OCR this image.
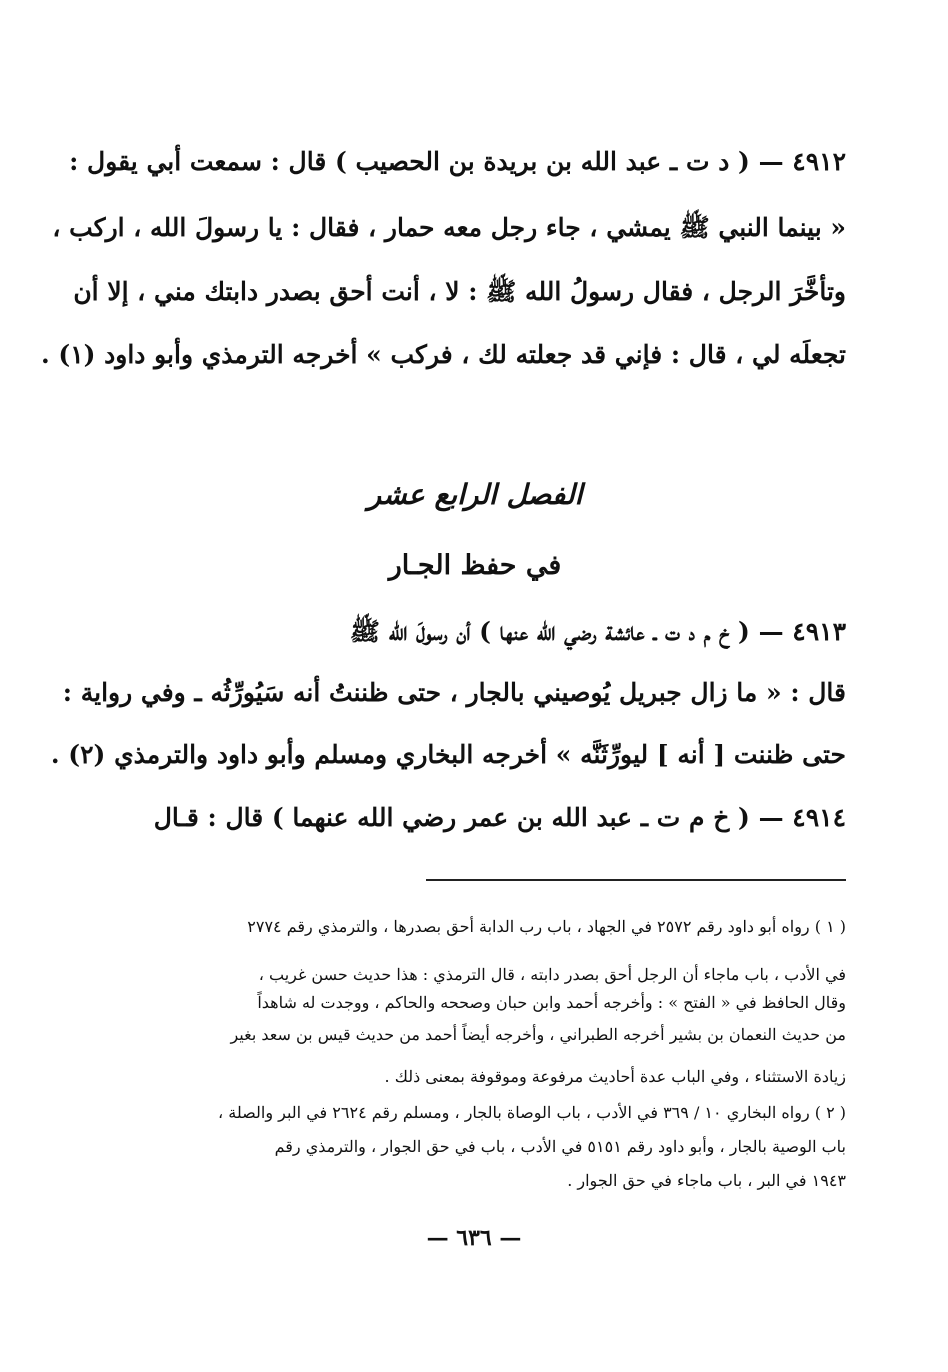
٤٩١٢ — ( د ت ـ عبد الله بن بريدة بن الحصيب ) قال : سمعت أبي يقول :
« بينما النبي ﷺ يمشي ، جاء رجل معه حمار ، فقال : يا رسولَ الله ، اركب ،
وتأخَّرَ الرجل ، فقال رسولُ الله ﷺ : لا ، أنت أحق بصدر دابتك مني ، إلا أن
تجعلَه لي ، قال : فإني قد جعلته لك ، فركب » أخرجه الترمذي وأبو داود (١) .
الفصل الرابع عشر
في حفظ الجـار
٤٩١٣ — ( خ م د ت ـ عائشة رضي الله عنها ) أن رسولَ الله ﷺ
قال : « ما زال جبريل يُوصيني بالجار ، حتى ظننتُ أنه سَيُورِّثُه ـ وفي رواية :
حتى ظننت [ أنه ] ليورِّثَنَّه » أخرجه البخاري ومسلم وأبو داود والترمذي (٢) .
٤٩١٤ — ( خ م ت ـ عبد الله بن عمر رضي الله عنهما ) قال : قـال
( ١ ) رواه أبو داود رقم ٢٥٧٢ في الجهاد ، باب رب الدابة أحق بصدرها ، والترمذي رقم ٢٧٧٤
في الأدب ، باب ماجاء أن الرجل أحق بصدر دابته ، قال الترمذي : هذا حديث حسن غريب ،
وقال الحافظ في « الفتح » : وأخرجه أحمد وابن حبان وصححه والحاكم ، ووجدت له شاهداً
من حديث النعمان بن بشير أخرجه الطبراني ، وأخرجه أيضاً أحمد من حديث قيس بن سعد بغير
زيادة الاستثناء ، وفي الباب عدة أحاديث مرفوعة وموقوفة بمعنى ذلك .
( ٢ ) رواه البخاري ١٠ / ٣٦٩ في الأدب ، باب الوصاة بالجار ، ومسلم رقم ٢٦٢٤ في البر والصلة ،
باب الوصية بالجار ، وأبو داود رقم ٥١٥١ في الأدب ، باب في حق الجوار ، والترمذي رقم
١٩٤٣ في البر ، باب ماجاء في حق الجوار .
— ٦٣٦ —
